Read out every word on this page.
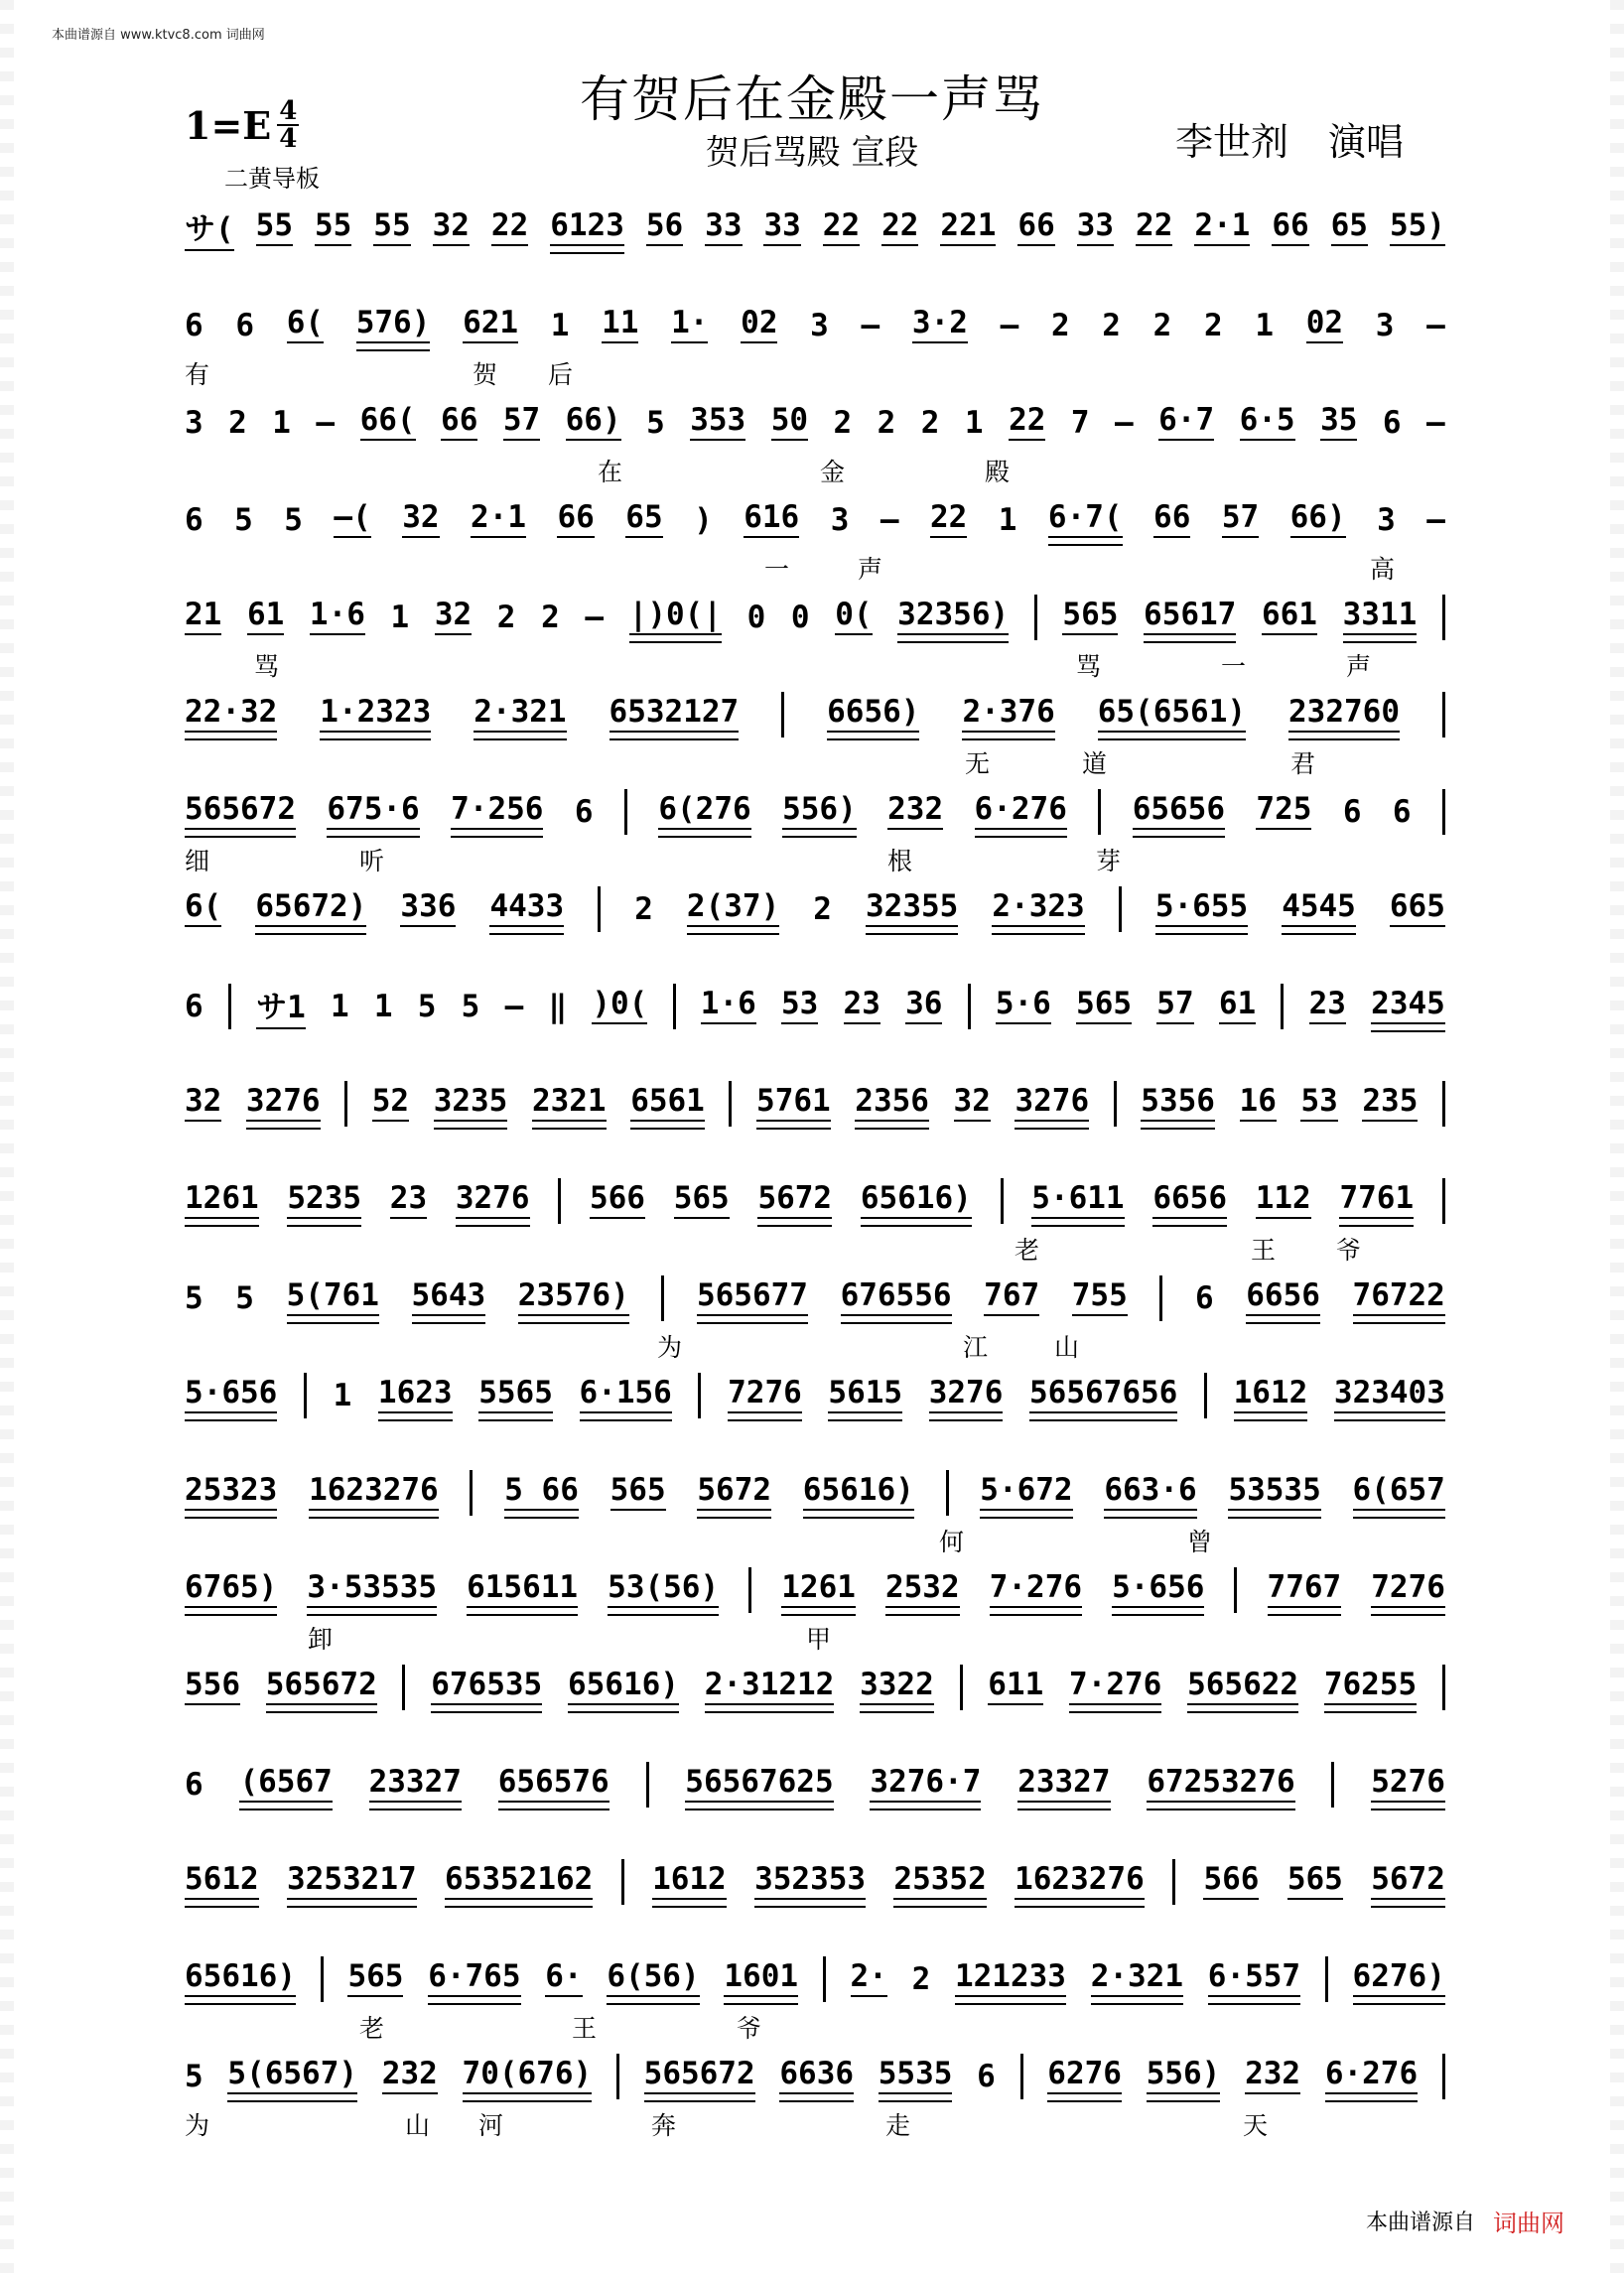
本曲谱源自 www.ktvc8.com 词曲网
有贺后在金殿一声骂
贺后骂殿 宣段
1=E 4
4
二黄导板
李世剂 演唱
サ( 55 55 55 32 22 6123 56 33 33 22 22 221 66 33 22 2·1 66 65 55)
6 6 6( 576) 621 1 11 1· 02 3 – 3·2 – 2 2 2 2 1 02 3 –
有	贺 后
3 2 1 – 66( 66 57 66) 5 353 50 2 2 2 1 22 7 – 6·7 6·5 35 6 –
在	金	殿
6 5 5 –( 32 2·1 66 65 ) 616 3 – 22 1 6·7( 66 57 66) 3 –
一	声	高
21 61 1·6 1 32 2 2 – |)0(| 0 0 0( 32356) 565 65617 661 3311
骂	骂	一	声
22·32 1·2323 2·321 6532127	6656) 2·376 65(6561) 232760
无	道	君
565672 675·6 7·256 6 6(276 556) 232 6·276 65656 725 6 6
细	听	根	芽
6( 65672) 336 4433 2 2(37) 2 32355 2·323 5·655 4545 665
6 サ1 1 1 5 5 – ‖ )0( 1·6 53 23 36 5·6 565 57 61 23 2345
32 3276 52 3235 2321 6561 5761 2356 32 3276 5356 16 53 235
1261 5235 23 3276 566 565 5672 65616) 5·611 6656 112 7761
老	王 爷
5 5 5(761 5643 23576) 565677 676556 767 755 6 6656 76722
为	江	山
5·656 1 1623 5565 6·156 7276 5615 3276 56567656 1612 323403
25323 1623276 5 66 565 5672 65616) 5·672 663·6 53535 6(657
何	曾
6765) 3·53535 615611 53(56) 1261 2532 7·276 5·656 7767 7276
卸	甲
556 565672 676535 65616) 2·31212 3322 611 7·276 565622 76255
6 (6567 23327 656576 56567625 3276·7 23327 67253276 5276
5612 3253217 65352162 1612 352353 25352 1623276 566 565 5672
65616) 565 6·765 6· 6(56) 1601 2· 2 121233 2·321 6·557 6276)
老	王	爷
5 5(6567) 232 70(676) 565672 6636 5535 6 6276 556) 232 6·276
为	山 河	奔	走	天
本曲谱源自 词曲网
